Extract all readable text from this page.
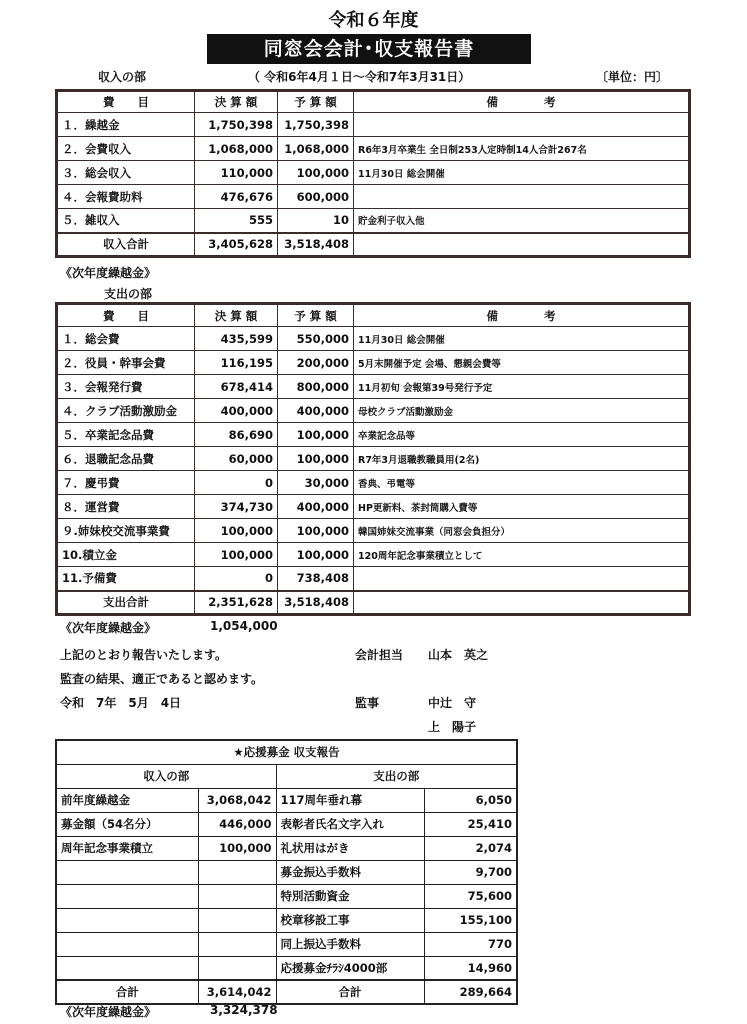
令和６年度
同窓会会計･収支報告書
収入の部	（ 令和6年4月１日～令和7年3月31日）	〔単位：円〕
費　　目	決 算 額	予 算 額	備　　　　考
１．繰越金	1,750,398	1,750,398	
２．会費収入	1,068,000	1,068,000	R6年3月卒業生 全日制253人定時制14人合計267名
３．総会収入	110,000	100,000	11月30日 総会開催
４．会報費助料	476,676	600,000	
５．雑収入	555	10	貯金利子収入他
収入合計	3,405,628	3,518,408	
《次年度繰越金》
支出の部
費　　目	決 算 額	予 算 額	備　　　　考
１．総会費	435,599	550,000	11月30日 総会開催
２．役員・幹事会費	116,195	200,000	5月末開催予定 会場、懇親会費等
３．会報発行費	678,414	800,000	11月初旬 会報第39号発行予定
４．クラブ活動激励金	400,000	400,000	母校クラブ活動激励金
５．卒業記念品費	86,690	100,000	卒業記念品等
６．退職記念品費	60,000	100,000	R7年3月退職教職員用(2名)
７．慶弔費	0	30,000	香典、弔電等
８．運営費	374,730	400,000	HP更新料、茶封筒購入費等
９.姉妹校交流事業費	100,000	100,000	韓国姉妹交流事業（同窓会負担分）
10.積立金	100,000	100,000	120周年記念事業積立として
11.予備費	0	738,408	
支出合計	2,351,628	3,518,408	
《次年度繰越金》	1,054,000
上記のとおり報告いたします。	会計担当 山本　英之
監査の結果、適正であると認めます。
令和　7年　5月　4日	監事	中辻　守
上　陽子
★応援募金 収支報告			
収入の部		支出の部	
前年度繰越金	3,068,042	117周年垂れ幕	6,050
募金額（54名分）	446,000	表彰者氏名文字入れ	25,410
周年記念事業積立	100,000	礼状用はがき	2,074
		募金振込手数料	9,700
		特別活動資金	75,600
		校章移設工事	155,100
		同上振込手数料	770
		応援募金ﾁﾗｼ4000部	14,960
合計	3,614,042	合計	289,664
《次年度繰越金》	3,324,378
